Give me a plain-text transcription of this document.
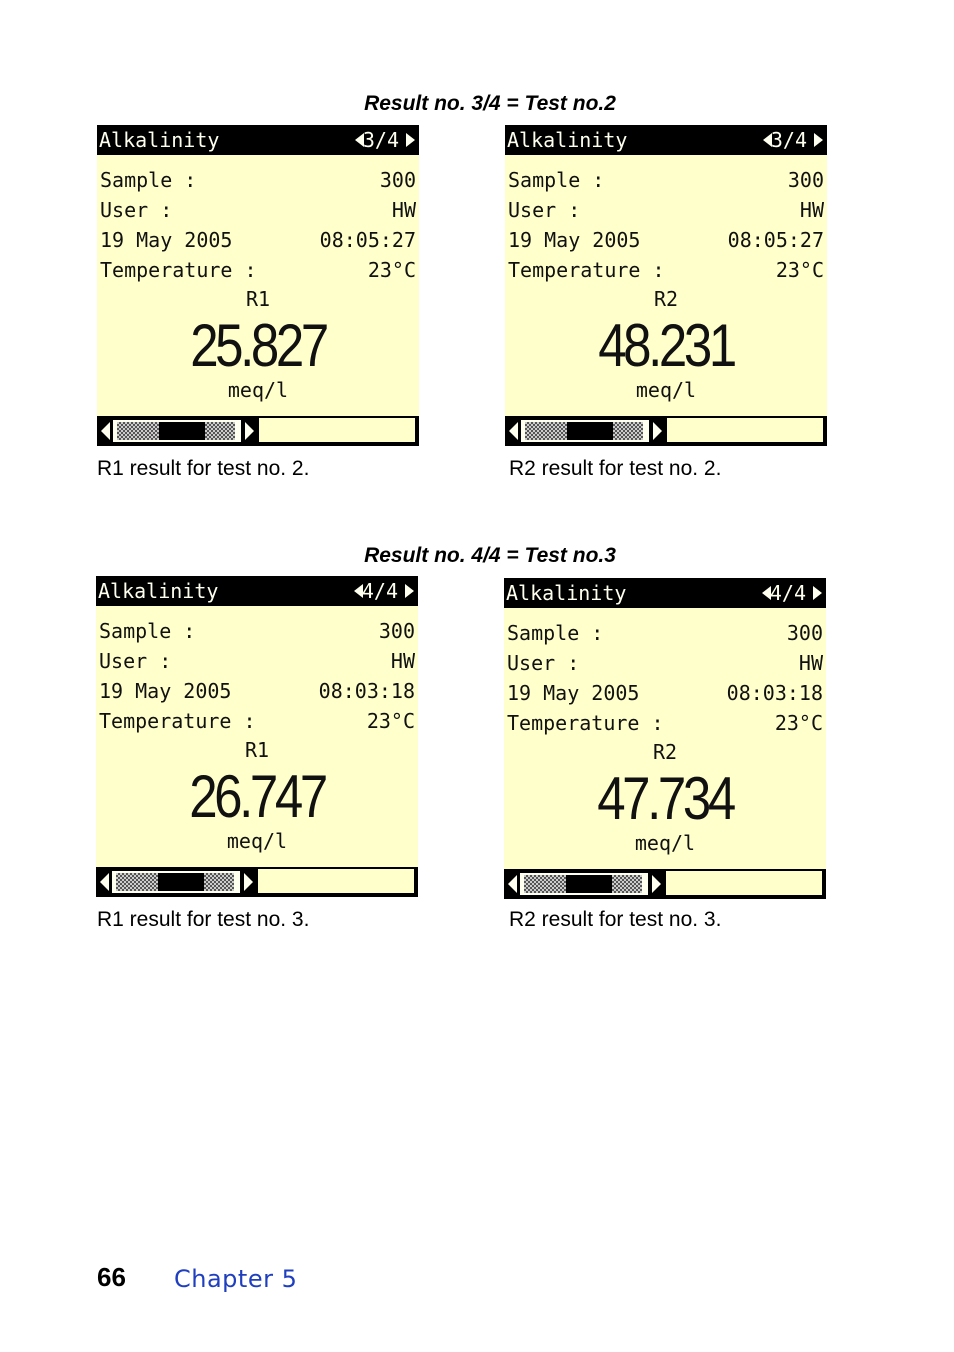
Result no. 3/4 = Test no.2
Alkalinity	3/4
Sample :	300
User :	HW
19 May 2005	08:05:27
Temperature :	23°C
R1
25.827
meq/l
R1 result for test no. 2.
Alkalinity	3/4
Sample :	300
User :	HW
19 May 2005	08:05:27
Temperature :	23°C
R2
48.231
meq/l
R2 result for test no. 2.
Result no. 4/4 = Test no.3
Alkalinity	4/4
Sample :	300
User :	HW
19 May 2005	08:03:18
Temperature :	23°C
R1
26.747
meq/l
R1 result for test no. 3.
Alkalinity	4/4
Sample :	300
User :	HW
19 May 2005	08:03:18
Temperature :	23°C
R2
47.734
meq/l
R2 result for test no. 3.
66 Chapter 5
